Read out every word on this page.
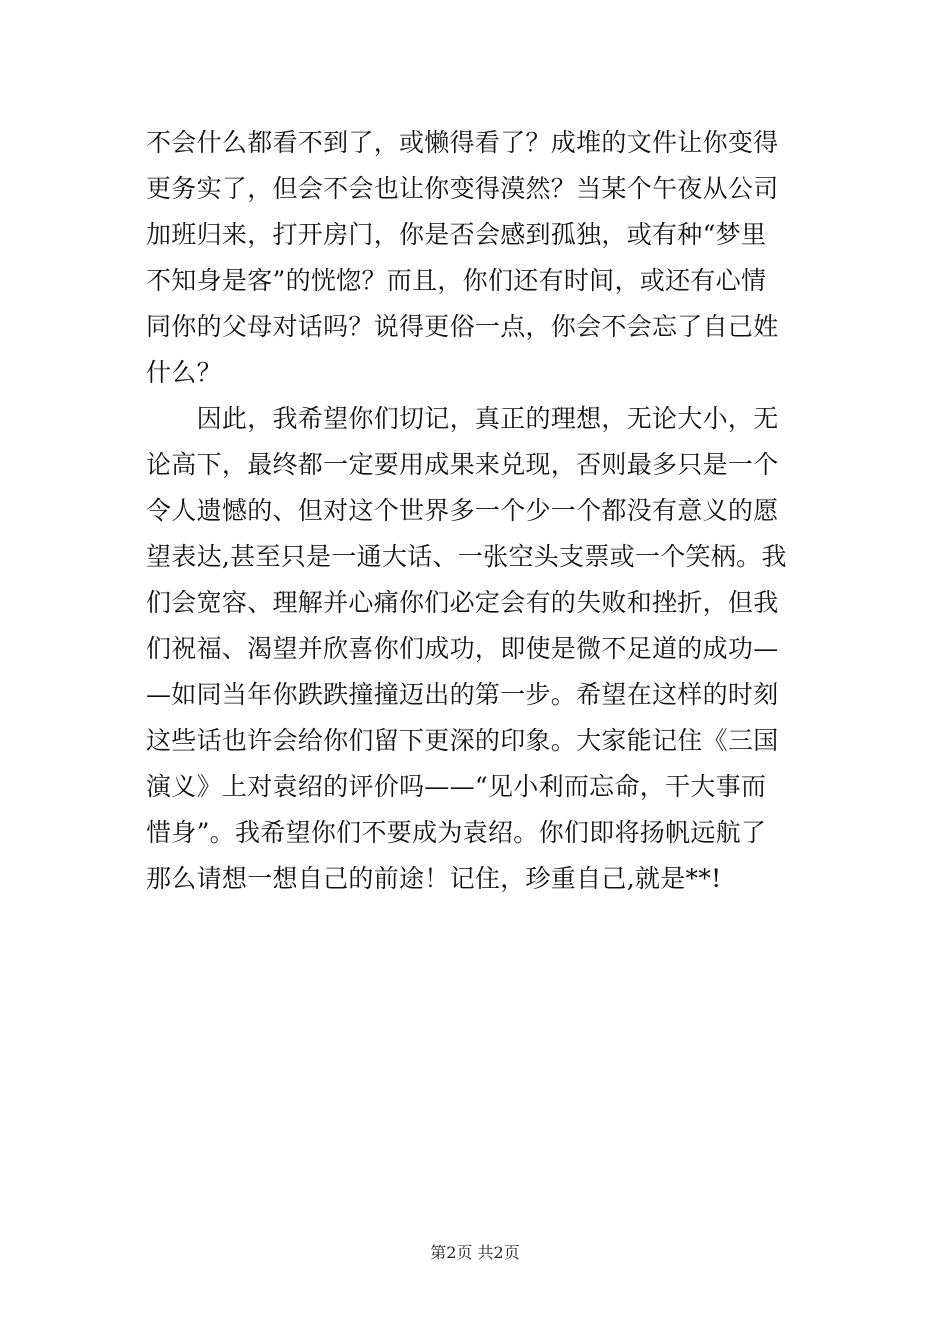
不会什么都看不到了，或懒得看了？成堆的文件让你变得
更务实了，但会不会也让你变得漠然？当某个午夜从公司
加班归来，打开房门，你是否会感到孤独，或有种“梦里
不知身是客”的恍惚？而且，你们还有时间，或还有心情
同你的父母对话吗？说得更俗一点，你会不会忘了自己姓
什么？
　　因此，我希望你们切记，真正的理想，无论大小，无
论高下，最终都一定要用成果来兑现，否则最多只是一个
令人遗憾的、但对这个世界多一个少一个都没有意义的愿
望表达,甚至只是一通大话、一张空头支票或一个笑柄。我
们会宽容、理解并心痛你们必定会有的失败和挫折，但我
们祝福、渴望并欣喜你们成功，即使是微不足道的成功—
—如同当年你跌跌撞撞迈出的第一步。希望在这样的时刻
这些话也许会给你们留下更深的印象。大家能记住《三国
演义》上对袁绍的评价吗——“见小利而忘命，干大事而
惜身”。我希望你们不要成为袁绍。你们即将扬帆远航了
那么请想一想自己的前途！记住，珍重自己,就是**!
第2页 共2页
